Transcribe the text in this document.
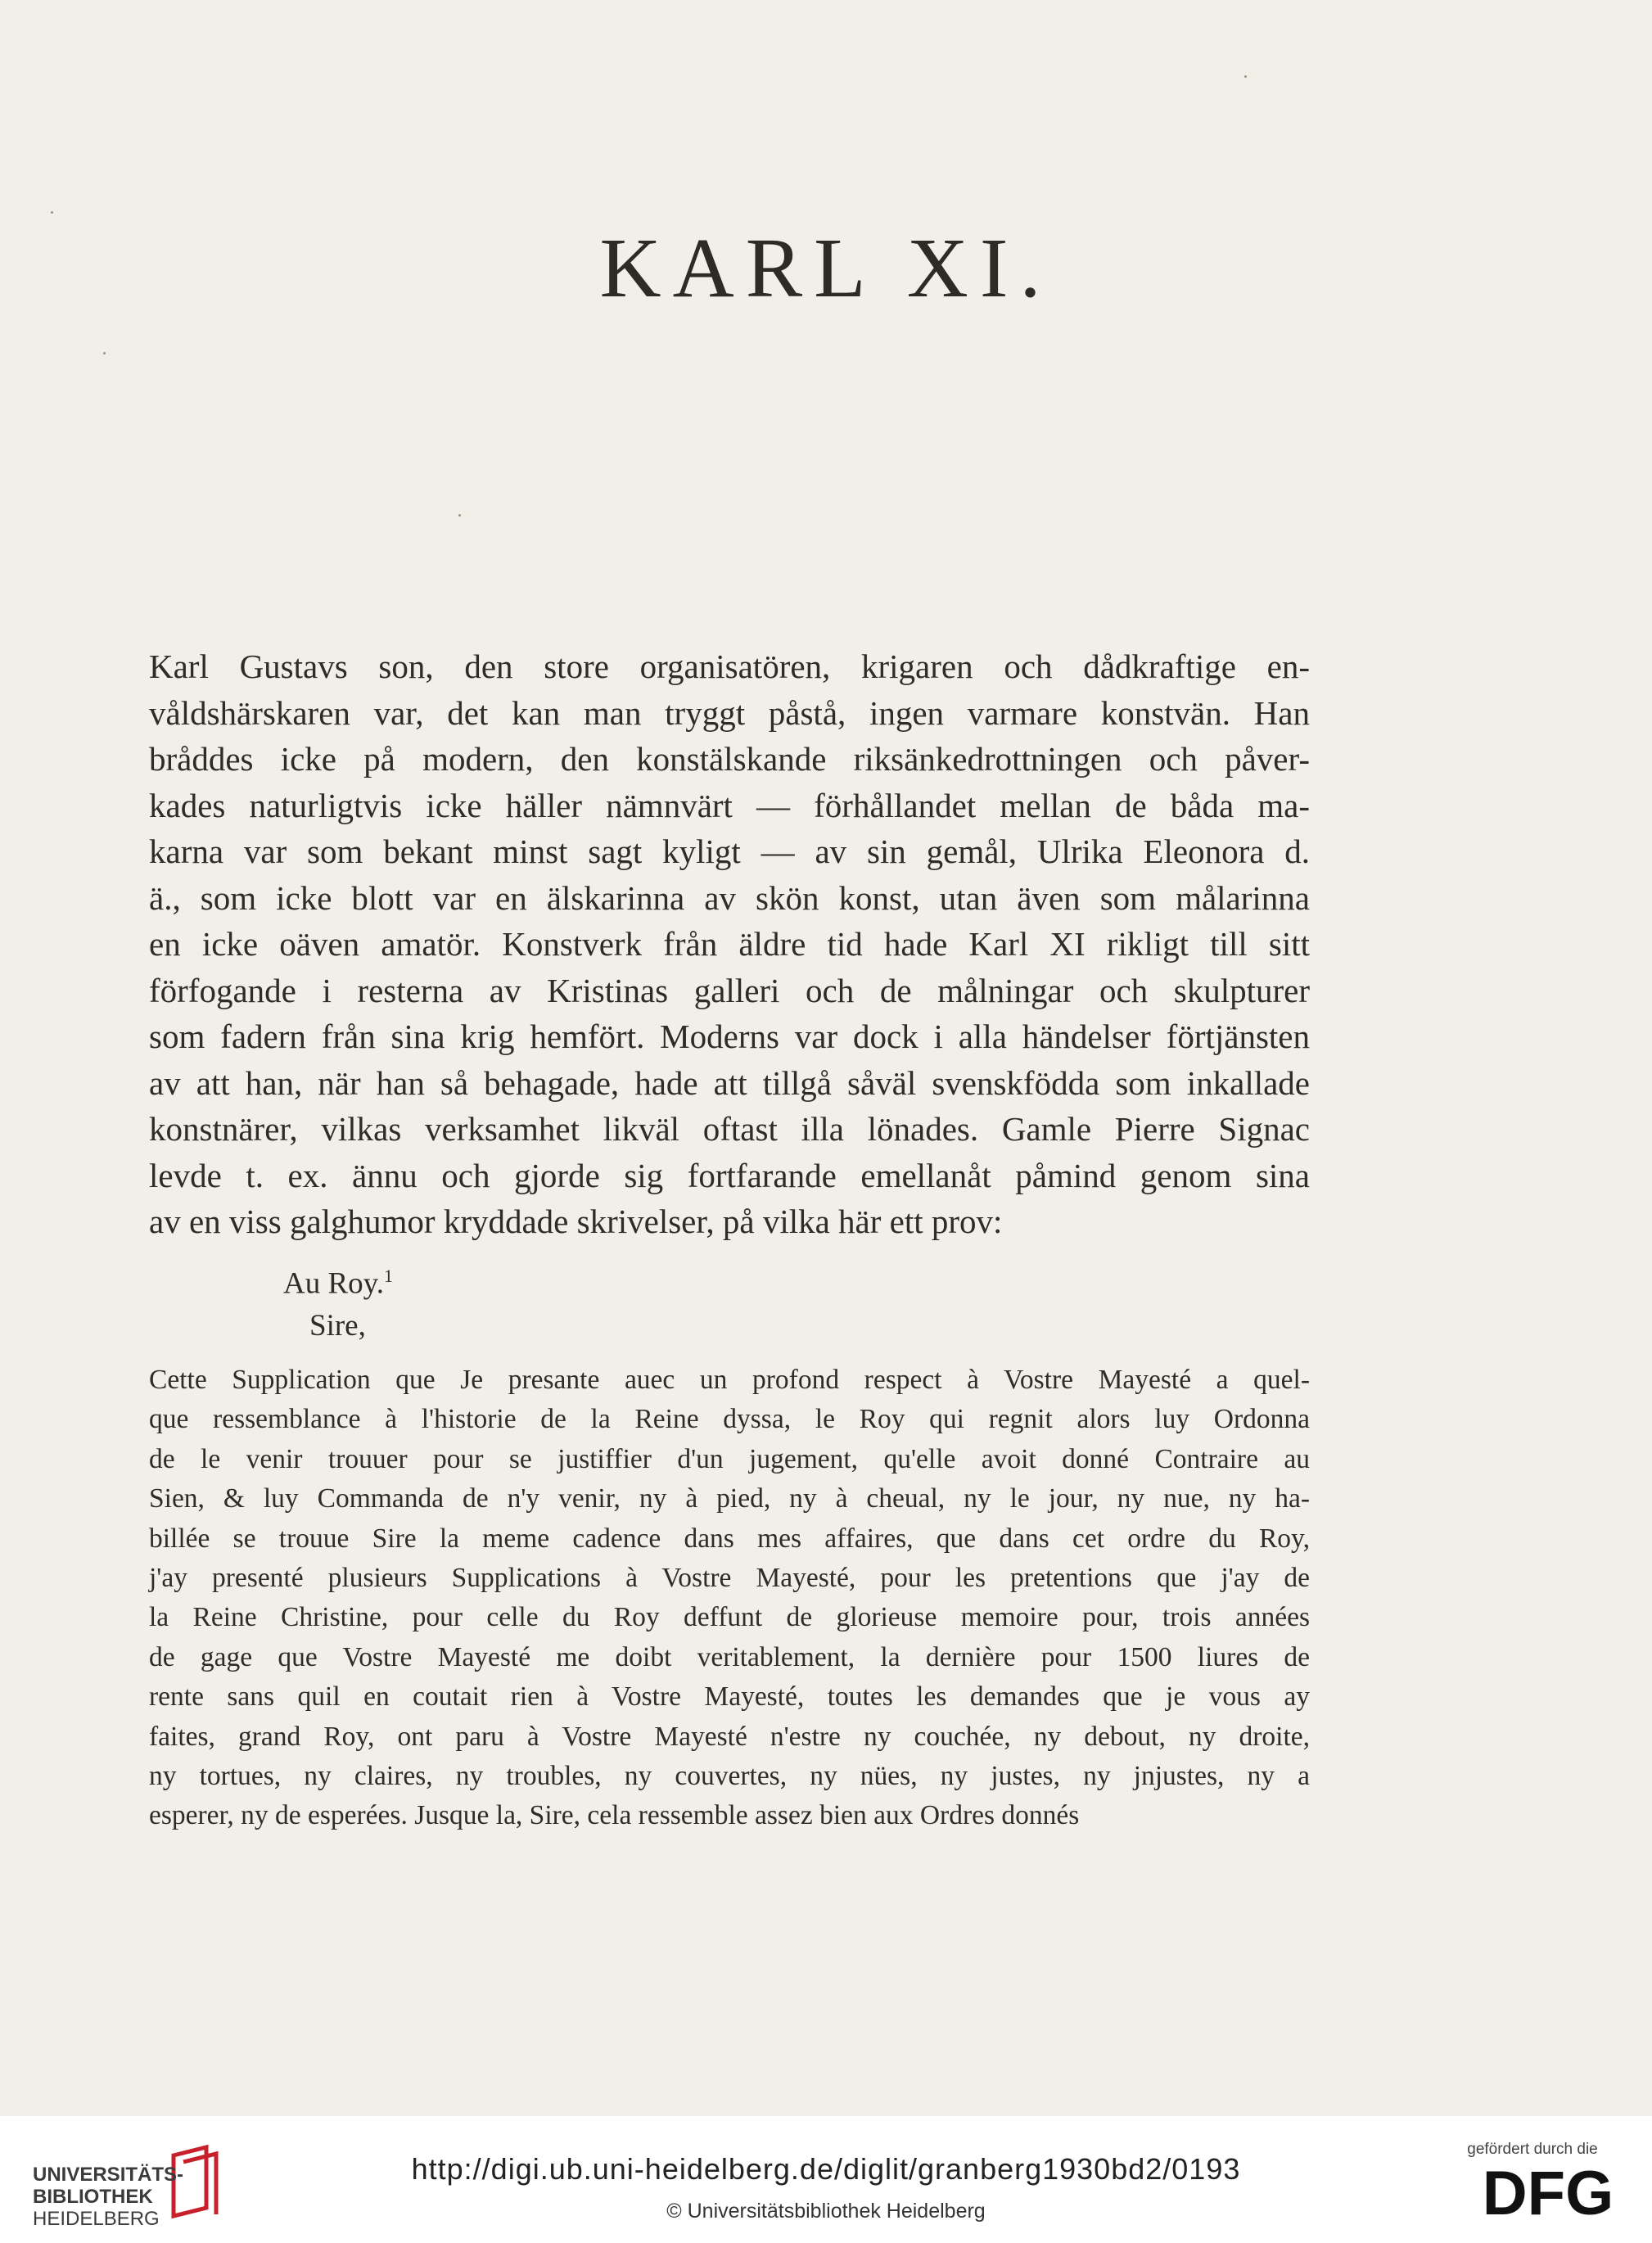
KARL XI.
Karl Gustavs son, den store organisatören, krigaren och dådkraftige en-
våldshärskaren var, det kan man tryggt påstå, ingen varmare konstvän. Han
bråddes icke på modern, den konstälskande riksänkedrottningen och påver-
kades naturligtvis icke häller nämnvärt — förhållandet mellan de båda ma-
karna var som bekant minst sagt kyligt — av sin gemål, Ulrika Eleonora d.
ä., som icke blott var en älskarinna av skön konst, utan även som målarinna
en icke oäven amatör. Konstverk från äldre tid hade Karl XI rikligt till sitt
förfogande i resterna av Kristinas galleri och de målningar och skulpturer
som fadern från sina krig hemfört. Moderns var dock i alla händelser förtjänsten
av att han, när han så behagade, hade att tillgå såväl svenskfödda som inkallade
konstnärer, vilkas verksamhet likväl oftast illa lönades. Gamle Pierre Signac
levde t. ex. ännu och gjorde sig fortfarande emellanåt påmind genom sina
av en viss galghumor kryddade skrivelser, på vilka här ett prov:
Au Roy.$^1$
Sire,
Cette Supplication que Je presante auec un profond respect à Vostre Mayesté a quel-
que ressemblance à l'historie de la Reine dyssa, le Roy qui regnit alors luy Ordonna
de le venir trouuer pour se justiffier d'un jugement, qu'elle avoit donné Contraire au
Sien, & luy Commanda de n'y venir, ny à pied, ny à cheual, ny le jour, ny nue, ny ha-
billée se trouue Sire la meme cadence dans mes affaires, que dans cet ordre du Roy,
j'ay presenté plusieurs Supplications à Vostre Mayesté, pour les pretentions que j'ay de
la Reine Christine, pour celle du Roy deffunt de glorieuse memoire pour, trois années
de gage que Vostre Mayesté me doibt veritablement, la dernière pour 1500 liures de
rente sans quil en coutait rien à Vostre Mayesté, toutes les demandes que je vous ay
faites, grand Roy, ont paru à Vostre Mayesté n'estre ny couchée, ny debout, ny droite,
ny tortues, ny claires, ny troubles, ny couvertes, ny nües, ny justes, ny jnjustes, ny a
esperer, ny de esperées. Jusque la, Sire, cela ressemble assez bien aux Ordres donnés
UNIVERSITÄTS-
BIBLIOTHEK
HEIDELBERG
http://digi.ub.uni-heidelberg.de/diglit/granberg1930bd2/0193
© Universitätsbibliothek Heidelberg
gefördert durch die
DFG
